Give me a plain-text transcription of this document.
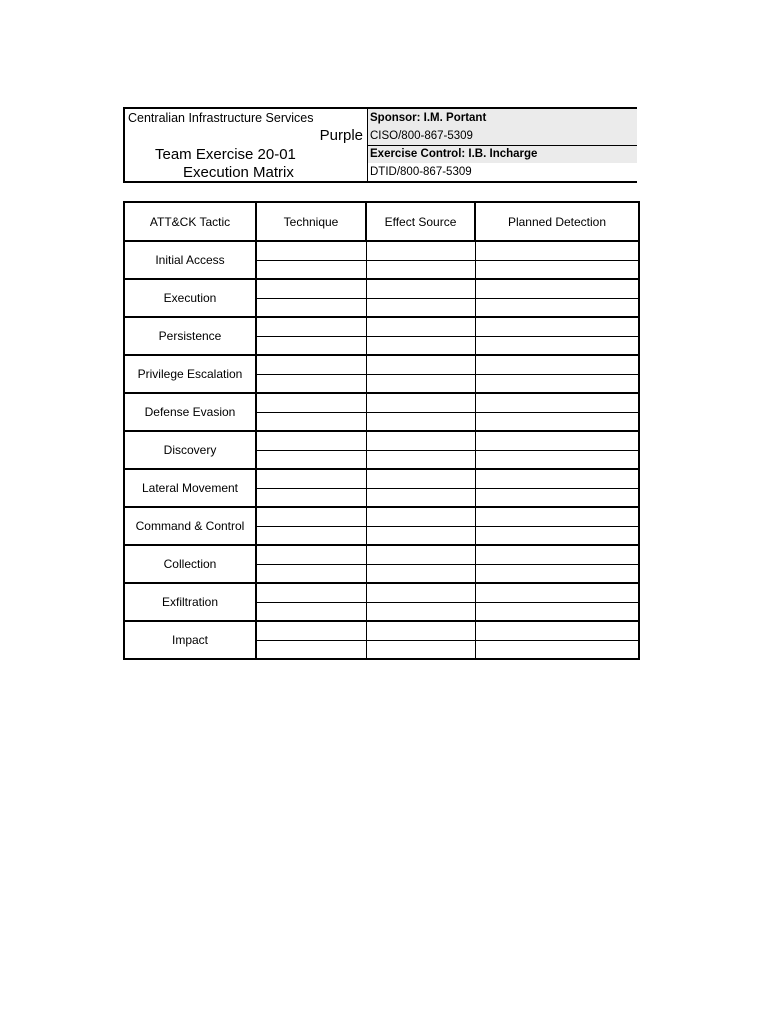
Centralian Infrastructure Services
Purple
Team Exercise 20-01
Execution Matrix
Sponsor: I.M. Portant
CISO/800-867-5309
Exercise Control: I.B. Incharge
DTID/800-867-5309
ATT&CK Tactic	Technique	Effect Source	Planned Detection
Initial Access			

Execution			

Persistence			

Privilege Escalation			

Defense Evasion			

Discovery			

Lateral Movement			

Command & Control			

Collection			

Exfiltration			

Impact			
